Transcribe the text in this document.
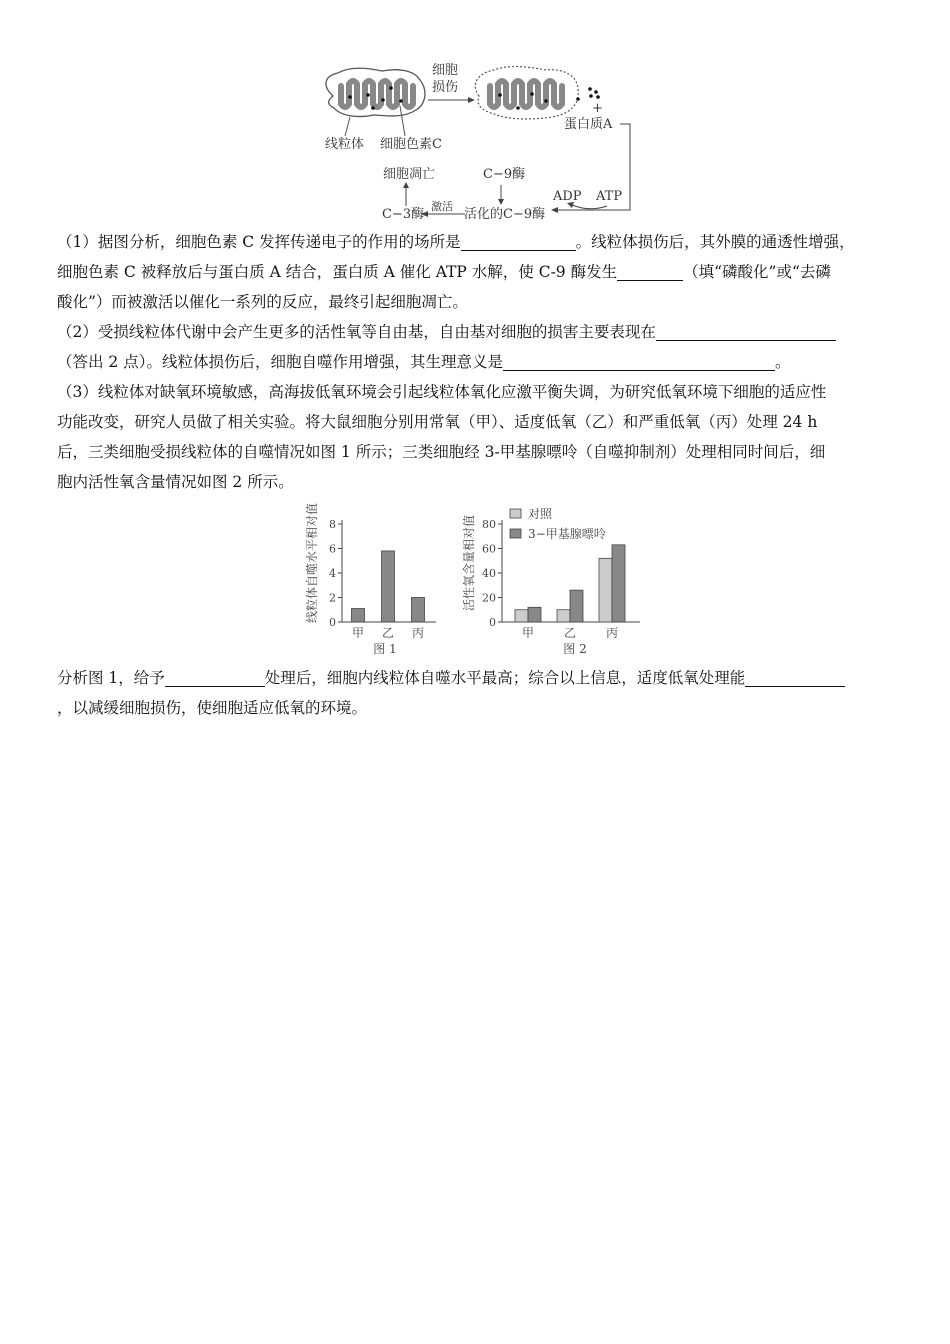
细胞
损伤
线粒体 细胞色素C
+
蛋白质A
细胞凋亡	C−9酶
ADP ATP
激活
C−3酶	活化的C−9酶
（1）据图分析，细胞色素 C 发挥传递电子的作用的场所是	。线粒体损伤后，其外膜的通透性增强，
细胞色素 C 被释放后与蛋白质 A 结合，蛋白质 A 催化 ATP 水解，使 C-9 酶发生	（填“磷酸化”或“去磷
酸化”）而被激活以催化一系列的反应，最终引起细胞凋亡。
（2）受损线粒体代谢中会产生更多的活性氧等自由基，自由基对细胞的损害主要表现在
（答出 2 点）。线粒体损伤后，细胞自噬作用增强，其生理意义是	。
（3）线粒体对缺氧环境敏感，高海拔低氧环境会引起线粒体氧化应激平衡失调，为研究低氧环境下细胞的适应性
功能改变，研究人员做了相关实验。将大鼠细胞分别用常氧（甲）、适度低氧（乙）和严重低氧（丙）处理 24 h
后，三类细胞受损线粒体的自噬情况如图 1 所示；三类细胞经 3-甲基腺嘌呤（自噬抑制剂）处理相同时间后，细
胞内活性氧含量情况如图 2 所示。
0
2
4
6
8
线粒体自噬水平相对值
甲 乙 丙
图 1
0
20
40
60
80
活性氧含量相对值
甲 乙 丙
图 2
对照
3−甲基腺嘌呤
分析图 1，给予	处理后，细胞内线粒体自噬水平最高；综合以上信息，适度低氧处理能
，以减缓细胞损伤，使细胞适应低氧的环境。
